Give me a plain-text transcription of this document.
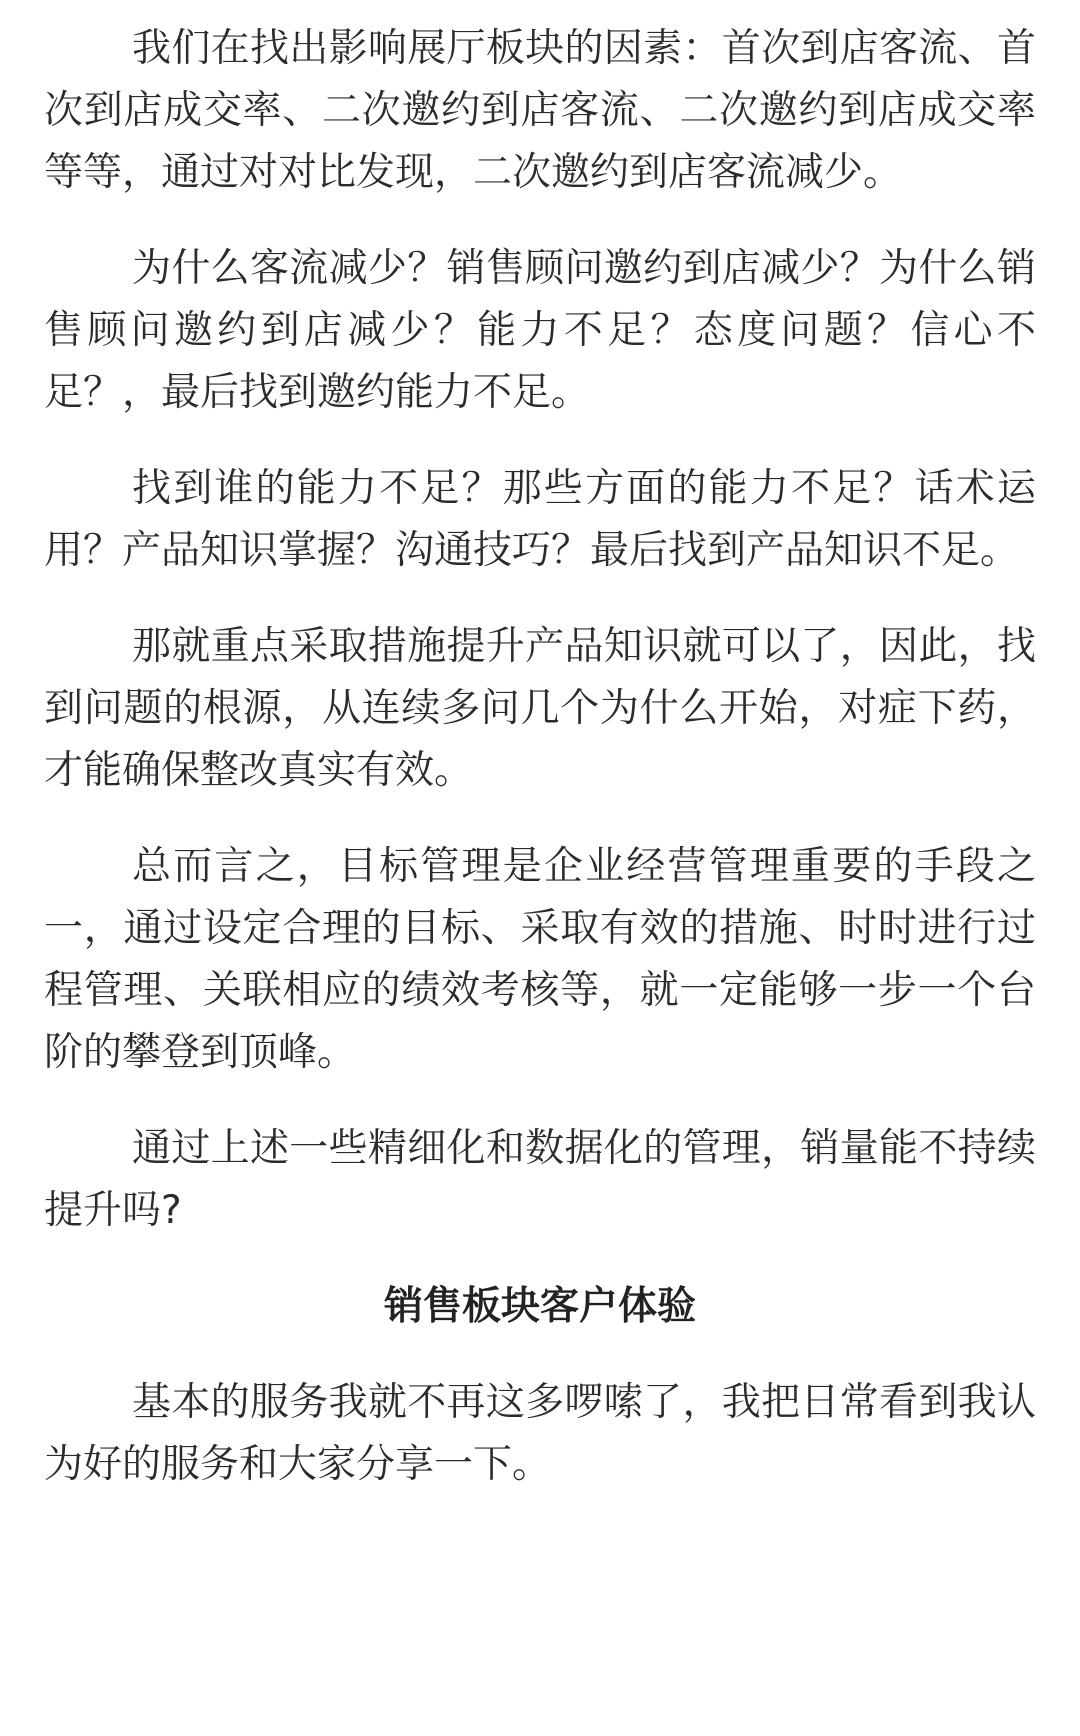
我们在找出影响展厅板块的因素：首次到店客流、首次到店成交率、二次邀约到店客流、二次邀约到店成交率等等，通过对对比发现，二次邀约到店客流减少。

为什么客流减少？销售顾问邀约到店减少？为什么销售顾问邀约到店减少？能力不足？态度问题？信心不足？，最后找到邀约能力不足。

找到谁的能力不足？那些方面的能力不足？话术运用？产品知识掌握？沟通技巧？最后找到产品知识不足。

那就重点采取措施提升产品知识就可以了，因此，找到问题的根源，从连续多问几个为什么开始，对症下药，才能确保整改真实有效。

总而言之，目标管理是企业经营管理重要的手段之一，通过设定合理的目标、采取有效的措施、时时进行过程管理、关联相应的绩效考核等，就一定能够一步一个台阶的攀登到顶峰。

通过上述一些精细化和数据化的管理，销量能不持续提升吗?

销售板块客户体验

基本的服务我就不再这多啰嗦了，我把日常看到我认为好的服务和大家分享一下。
